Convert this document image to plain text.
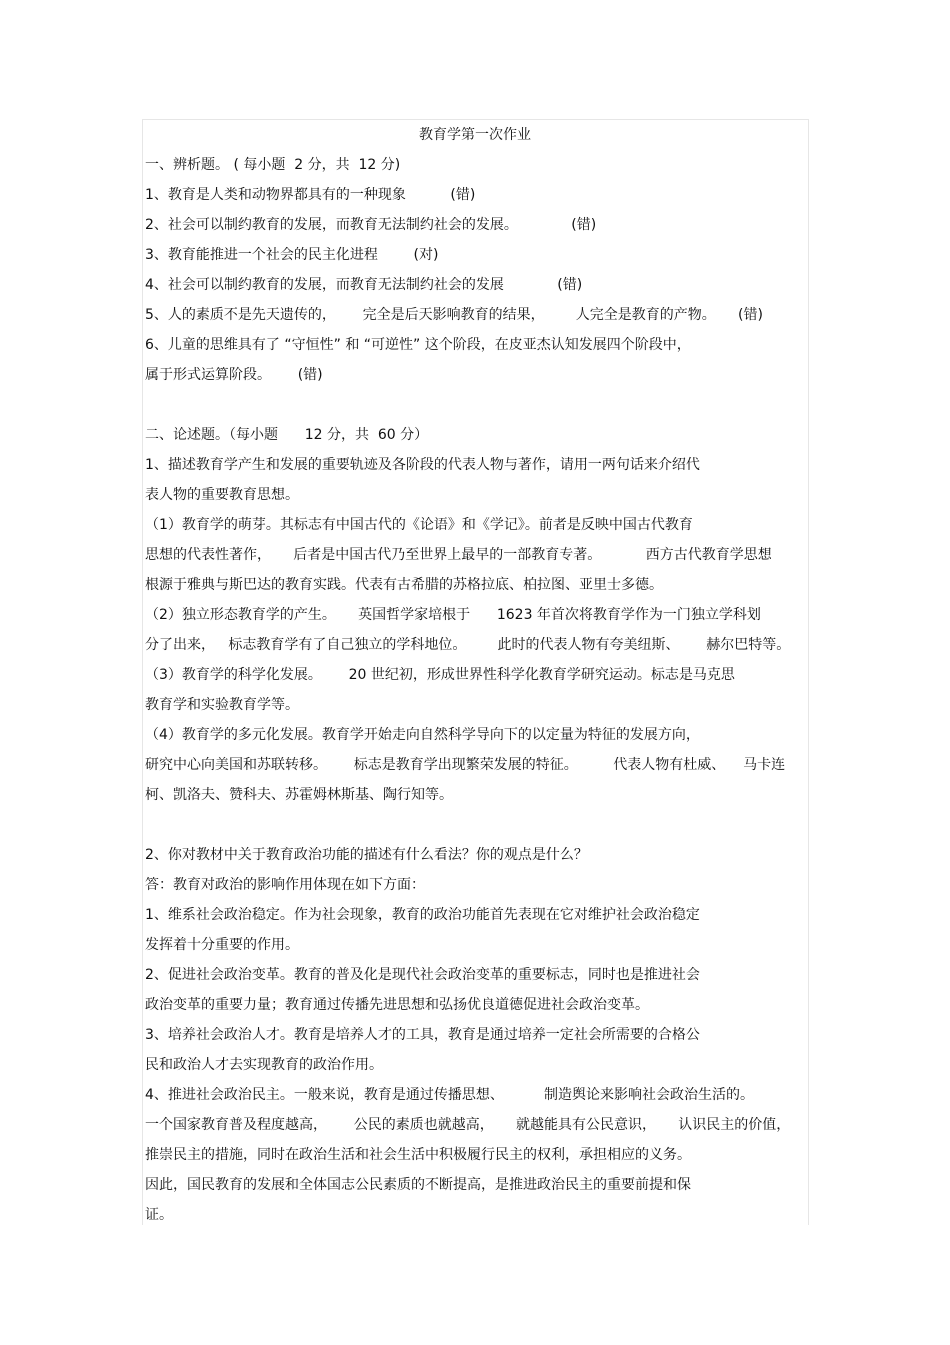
教育学第一次作业
一、辨析题。 ( 每小题  2 分，共  12 分)
1、教育是人类和动物界都具有的一种现象          (错)
2、社会可以制约教育的发展，而教育无法制约社会的发展。            (错)
3、教育能推进一个社会的民主化进程        (对)
4、社会可以制约教育的发展，而教育无法制约社会的发展            (错)
5、人的素质不是先天遗传的，      完全是后天影响教育的结果，       人完全是教育的产物。     (错)
6、儿童的思维具有了 “守恒性” 和 “可逆性” 这个阶段，在皮亚杰认知发展四个阶段中，
属于形式运算阶段。      (错)
二、论述题。（每小题      12 分，共  60 分）
1、描述教育学产生和发展的重要轨迹及各阶段的代表人物与著作，请用一两句话来介绍代
表人物的重要教育思想。
（1）教育学的萌芽。其标志有中国古代的《论语》和《学记》。前者是反映中国古代教育
思想的代表性著作，     后者是中国古代乃至世界上最早的一部教育专著。          西方古代教育学思想
根源于雅典与斯巴达的教育实践。代表有古希腊的苏格拉底、柏拉图、亚里士多德。
（2）独立形态教育学的产生。     英国哲学家培根于      1623 年首次将教育学作为一门独立学科划
分了出来，   标志教育学有了自己独立的学科地位。       此时的代表人物有夸美纽斯、      赫尔巴特等。
（3）教育学的科学化发展。      20 世纪初，形成世界性科学化教育学研究运动。标志是马克思
教育学和实验教育学等。
（4）教育学的多元化发展。教育学开始走向自然科学导向下的以定量为特征的发展方向，
研究中心向美国和苏联转移。      标志是教育学出现繁荣发展的特征。        代表人物有杜威、    马卡连
柯、凯洛夫、赞科夫、苏霍姆林斯基、陶行知等。
2、你对教材中关于教育政治功能的描述有什么看法？你的观点是什么？
答：教育对政治的影响作用体现在如下方面：
1、维系社会政治稳定。作为社会现象，教育的政治功能首先表现在它对维护社会政治稳定
发挥着十分重要的作用。
2、促进社会政治变革。教育的普及化是现代社会政治变革的重要标志，同时也是推进社会
政治变革的重要力量；教育通过传播先进思想和弘扬优良道德促进社会政治变革。
3、培养社会政治人才。教育是培养人才的工具，教育是通过培养一定社会所需要的合格公
民和政治人才去实现教育的政治作用。
4、推进社会政治民主。一般来说，教育是通过传播思想、         制造舆论来影响社会政治生活的。
一个国家教育普及程度越高，      公民的素质也就越高，     就越能具有公民意识，     认识民主的价值，
推崇民主的措施，同时在政治生活和社会生活中积极履行民主的权利，承担相应的义务。
因此，国民教育的发展和全体国志公民素质的不断提高，是推进政治民主的重要前提和保
证。
